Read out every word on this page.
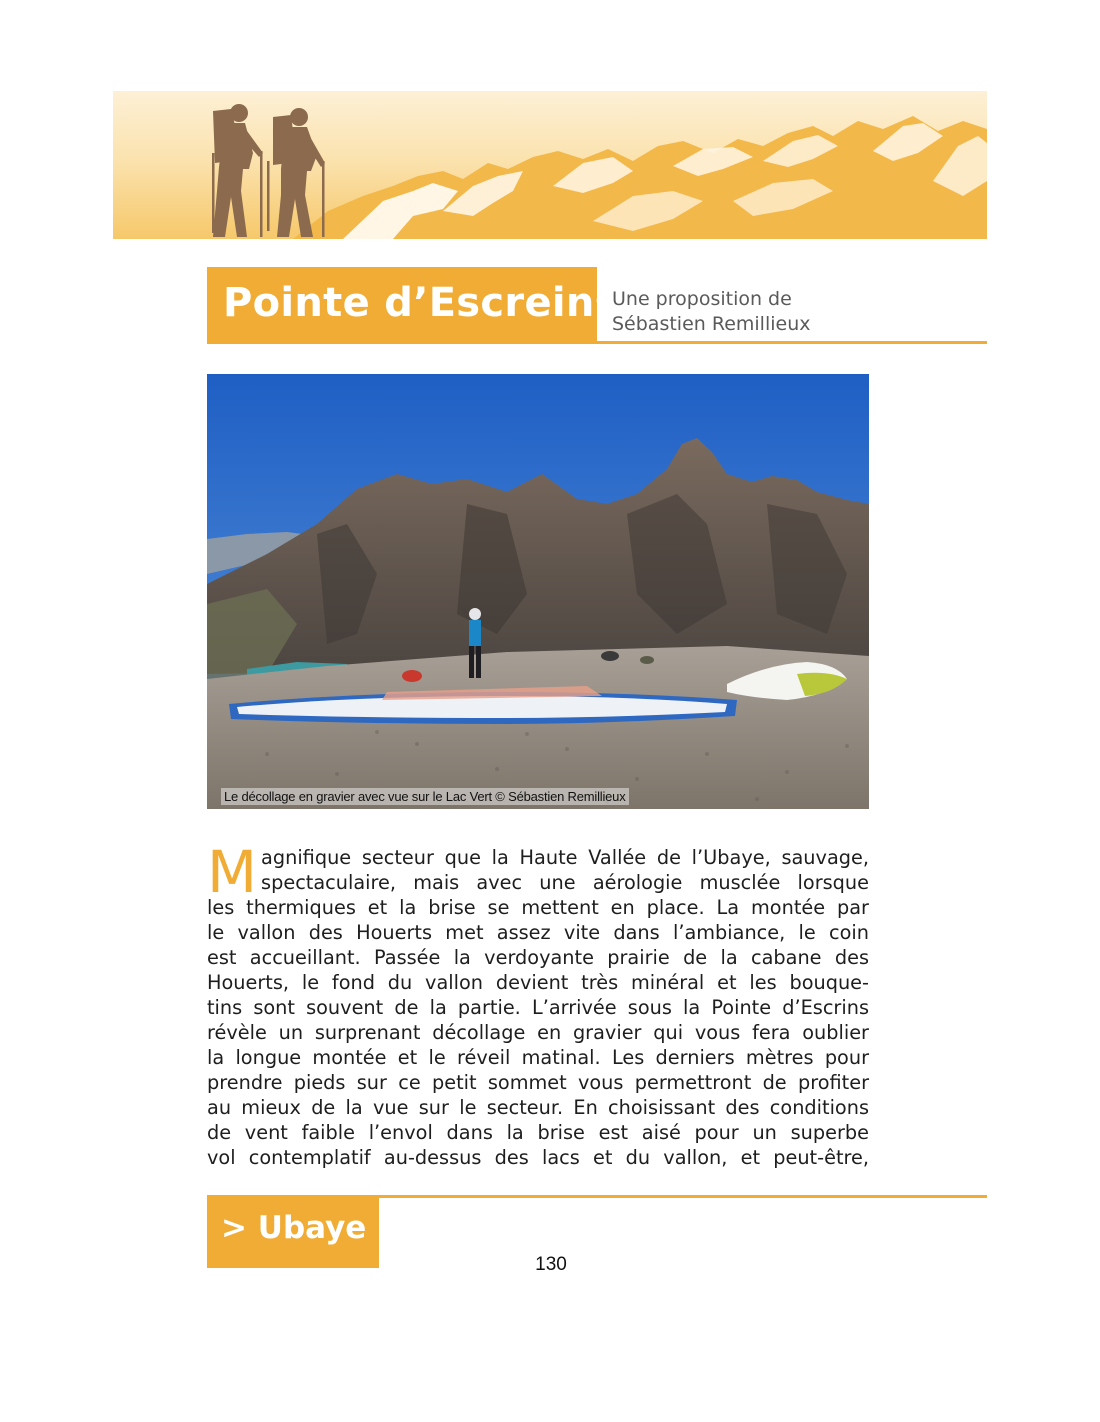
Pointe d’Escreins
Une proposition de
Sébastien Remillieux
Le décollage en gravier avec vue sur le Lac Vert © Sébastien Remillieux
M agnifique secteur que la Haute Vallée de l’Ubaye, sauvage,
spectaculaire, mais avec une aérologie musclée lorsque
les thermiques et la brise se mettent en place. La montée par
le vallon des Houerts met assez vite dans l’ambiance, le coin
est accueillant. Passée la verdoyante prairie de la cabane des
Houerts, le fond du vallon devient très minéral et les bouque-
tins sont souvent de la partie. L’arrivée sous la Pointe d’Escrins
révèle un surprenant décollage en gravier qui vous fera oublier
la longue montée et le réveil matinal. Les derniers mètres pour
prendre pieds sur ce petit sommet vous permettront de profiter
au mieux de la vue sur le secteur. En choisissant des conditions
de vent faible l’envol dans la brise est aisé pour un superbe
vol contemplatif au-dessus des lacs et du vallon, et peut-être,
> Ubaye
130
